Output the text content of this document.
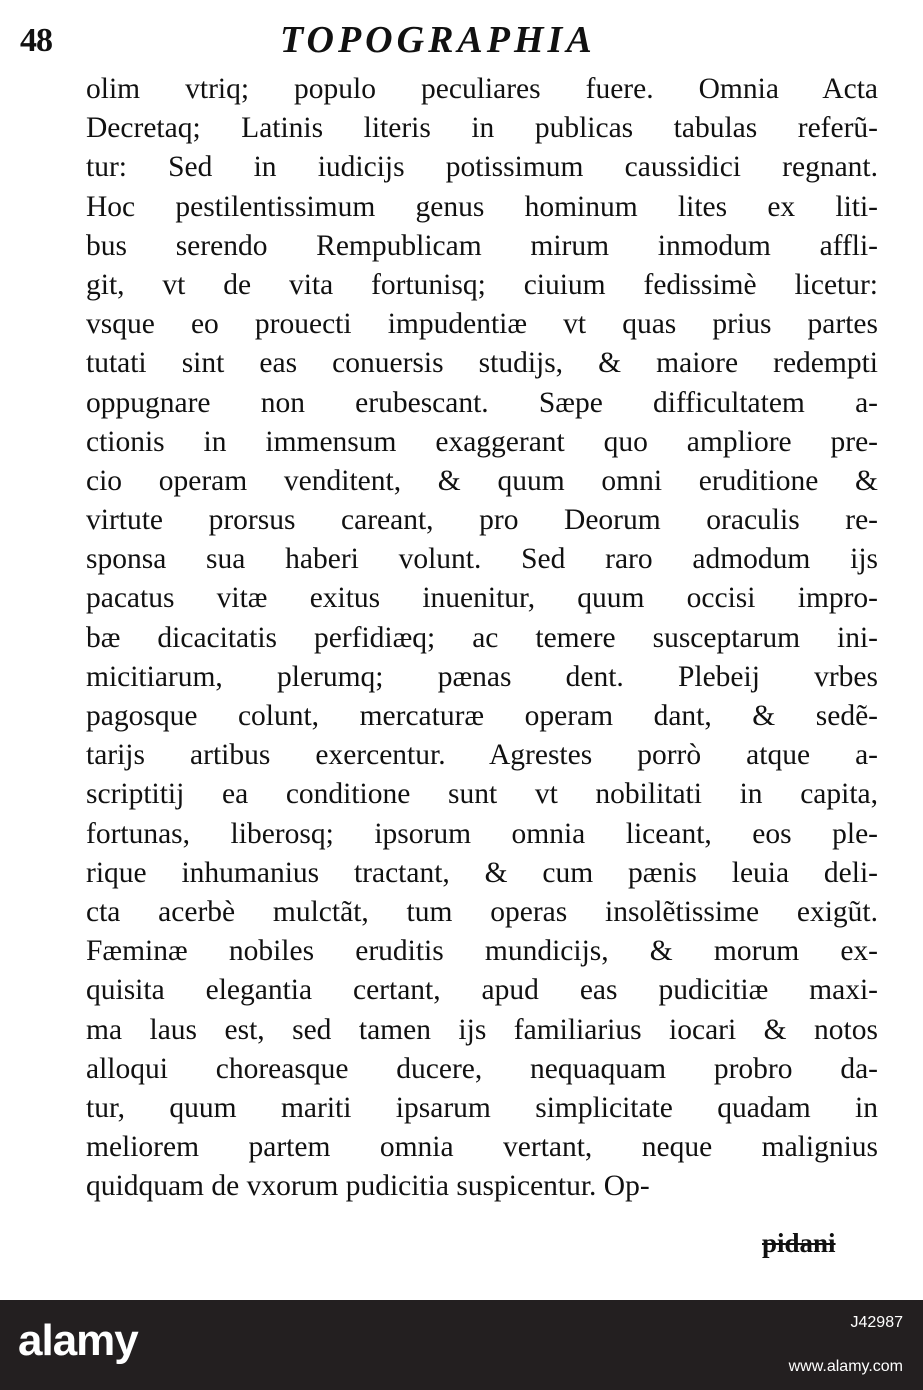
48	TOPOGRAPHIA
olim vtriq; populo peculiares fuere. Omnia Acta
Decretaq; Latinis literis in publicas tabulas referũ-
tur: Sed in iudicijs potissimum caussidici regnant.
Hoc pestilentissimum genus hominum lites ex liti-
bus serendo Rempublicam mirum inmodum affli-
git, vt de vita fortunisq; ciuium fedissimè licetur:
vsque eo prouecti impudentiæ vt quas prius partes
tutati sint eas conuersis studijs, & maiore redempti
oppugnare non erubescant. Sæpe difficultatem a-
ctionis in immensum exaggerant quo ampliore pre-
cio operam venditent, & quum omni eruditione &
virtute prorsus careant, pro Deorum oraculis re-
sponsa sua haberi volunt. Sed raro admodum ijs
pacatus vitæ exitus inuenitur, quum occisi impro-
bæ dicacitatis perfidiæq; ac temere susceptarum ini-
micitiarum, plerumq; pænas dent. Plebeij vrbes
pagosque colunt, mercaturæ operam dant, & sedẽ-
tarijs artibus exercentur. Agrestes porrò atque a-
scriptitij ea conditione sunt vt nobilitati in capita,
fortunas, liberosq; ipsorum omnia liceant, eos ple-
rique inhumanius tractant, & cum pænis leuia deli-
cta acerbè mulctãt, tum operas insolẽtissime exigũt.
Fæminæ nobiles eruditis mundicijs, & morum ex-
quisita elegantia certant, apud eas pudicitiæ maxi-
ma laus est, sed tamen ijs familiarius iocari & notos
alloqui choreasque ducere, nequaquam probro da-
tur, quum mariti ipsarum simplicitate quadam in
meliorem partem omnia vertant, neque malignius
quidquam de vxorum pudicitia suspicentur. Op-
pidani
alamy	J42987
www.alamy.com
